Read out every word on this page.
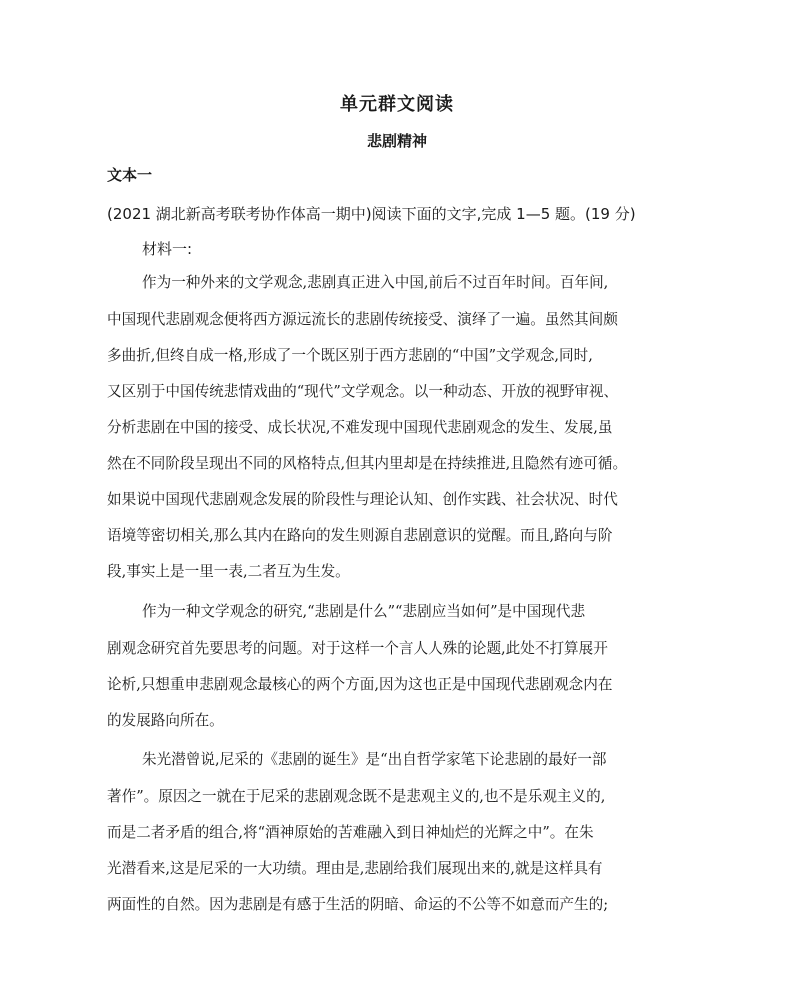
单元群文阅读
悲剧精神
文本一
(2021 湖北新高考联考协作体高一期中)阅读下面的文字,完成 1—5 题。(19 分)
材料一:
作为一种外来的文学观念,悲剧真正进入中国,前后不过百年时间。百年间,
中国现代悲剧观念便将西方源远流长的悲剧传统接受、演绎了一遍。虽然其间颇
多曲折,但终自成一格,形成了一个既区别于西方悲剧的“中国”文学观念,同时,
又区别于中国传统悲情戏曲的“现代”文学观念。以一种动态、开放的视野审视、
分析悲剧在中国的接受、成长状况,不难发现中国现代悲剧观念的发生、发展,虽
然在不同阶段呈现出不同的风格特点,但其内里却是在持续推进,且隐然有迹可循。
如果说中国现代悲剧观念发展的阶段性与理论认知、创作实践、社会状况、时代
语境等密切相关,那么其内在路向的发生则源自悲剧意识的觉醒。而且,路向与阶
段,事实上是一里一表,二者互为生发。
作为一种文学观念的研究,“悲剧是什么”“悲剧应当如何”是中国现代悲
剧观念研究首先要思考的问题。对于这样一个言人人殊的论题,此处不打算展开
论析,只想重申悲剧观念最核心的两个方面,因为这也正是中国现代悲剧观念内在
的发展路向所在。
朱光潜曾说,尼采的《悲剧的诞生》是“出自哲学家笔下论悲剧的最好一部
著作”。原因之一就在于尼采的悲剧观念既不是悲观主义的,也不是乐观主义的,
而是二者矛盾的组合,将“酒神原始的苦难融入到日神灿烂的光辉之中”。在朱
光潜看来,这是尼采的一大功绩。理由是,悲剧给我们展现出来的,就是这样具有
两面性的自然。因为悲剧是有感于生活的阴暗、命运的不公等不如意而产生的;
